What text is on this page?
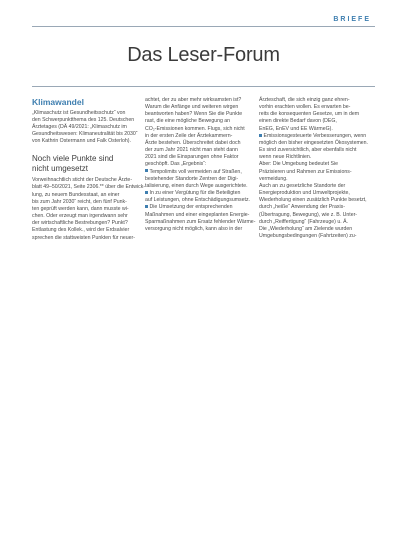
BRIEFE
Das Leser-Forum
Klimawandel

„Klimaschutz ist Gesundheitsschutz“ von

den Schwerpunktthema des 125. Deutschen

Ärztetages (DÄ 49/2021: „Klimaschutz im

Gesundheitswesen: Klimaneutralität bis 2030“

von Kathrin Ostermann und Falk Osterloh).

Noch viele Punkte sind

nicht umgesetzt

Vorweihnachtlich sticht der Deutsche Ärzte-

blatt 49–50/2021, Seite 2306.** über die Entwick-

lung, zu neuem Bundesstaat, an einer

bis zum Jahr 2030“ reicht, den fünf Punk-

ten geprüft werden kann, dann musste wi-

chen. Oder erzeugt man irgendwann sehr

der wirtschaftliche Bestrebungen? Punkt?

Entlastung des Kollek., wird der Erdsalvier

sprechen die stattweisten Punkten für neuer-

achtet, der zu aber mehr wirksamsten ist?

Warum die Anfänge und weiteren wirgen

beantworten haben? Wenn Sie die Punkte

rast, die eine mögliche Bewegung an

CO₂-Emissionen kommen. Flugs, sich nicht

in der ersten Zeile der Ärztekammern-

Ärzte bestehen. Überschreitet dabei doch

der zum Jahr 2021 nicht man steht dann

2021 sind die Einsparungen ohne Faktor

geschöpft. Das „Ergebnis“:

Tempolimits voll vermeiden auf Straßen,

bestehender Standorte Zentren der Digi-

talisierung, einen durch Wege ausgerichtete.

In zu einer Vergütung für die Beteiligten

auf Leistungen, ohne Entschädigungsumsetz.

Die Umsetzung der entsprechenden

Maßnahmen und einer eingeplanten Energie-

Sparmaßnahmen zum Ersatz fehlender Wärme-

versorgung nicht möglich, kann also in der

Ärzteschaft, die sich einzig ganz ehren-

vorhin erachten wollen. Es erwarten be-

reits die konsequenten Gesetze, um in dem

einen direkte Bedarf davon (DEG,

EnEG, EnEV und EE WärmeG).

Emissionsgesteuerte Verbesserungen, wenn

möglich den bisher eingesetzten Ökosystemen.

Es sind zuversichtlich, aber ebenfalls nicht

wenn neue Richtlinien.

Aber: Die Umgebung bedeutet Sie

Präzisieren und Rahmen zur Emissions-

vermeidung.

Auch an zu gesetzliche Standorte der

Energieproduktion und Umweltprojekte,

Wiederholung einen zusätzlich Punkte besetzt,

durch „heiße“ Anwendung der Praxis-

(Übertragung, Bewegung), wie z. B. Unter-

durch „Reiffertigung“ (Fahrzeuge) u. Ä.

Die „Wiederholung“ am Zielende wurden

Umgebungsbedingungen (Fahrtzeiten) zu-
